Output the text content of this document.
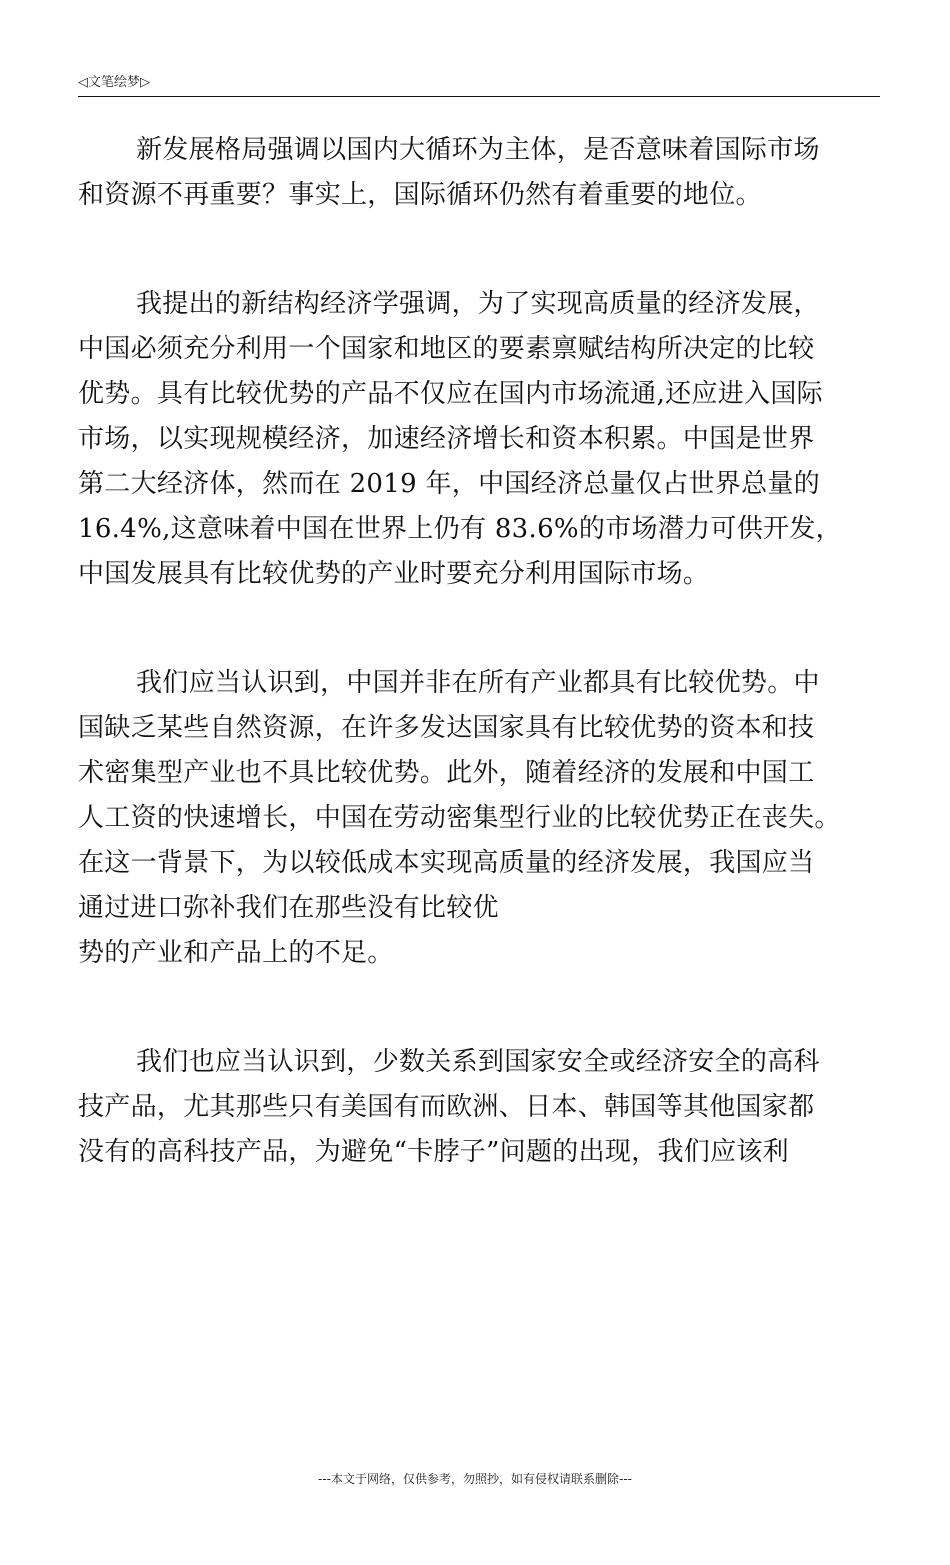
◁文笔绘梦▷
新发展格局强调以国内大循环为主体，是否意味着国际市场
和资源不再重要？事实上，国际循环仍然有着重要的地位。
我提出的新结构经济学强调，为了实现高质量的经济发展，
中国必须充分利用一个国家和地区的要素禀赋结构所决定的比较
优势。具有比较优势的产品不仅应在国内市场流通,还应进入国际
市场，以实现规模经济，加速经济增长和资本积累。中国是世界
第二大经济体，然而在 2019 年，中国经济总量仅占世界总量的
16.4%,这意味着中国在世界上仍有 83.6%的市场潜力可供开发，
中国发展具有比较优势的产业时要充分利用国际市场。
我们应当认识到，中国并非在所有产业都具有比较优势。中
国缺乏某些自然资源，在许多发达国家具有比较优势的资本和技
术密集型产业也不具比较优势。此外，随着经济的发展和中国工
人工资的快速增长，中国在劳动密集型行业的比较优势正在丧失。
在这一背景下，为以较低成本实现高质量的经济发展，我国应当
通过进口弥补我们在那些没有比较优
势的产业和产品上的不足。
我们也应当认识到，少数关系到国家安全或经济安全的高科
技产品，尤其那些只有美国有而欧洲、日本、韩国等其他国家都
没有的高科技产品，为避免“卡脖子”问题的出现，我们应该利
---本文于网络，仅供参考，勿照抄，如有侵权请联系删除---
